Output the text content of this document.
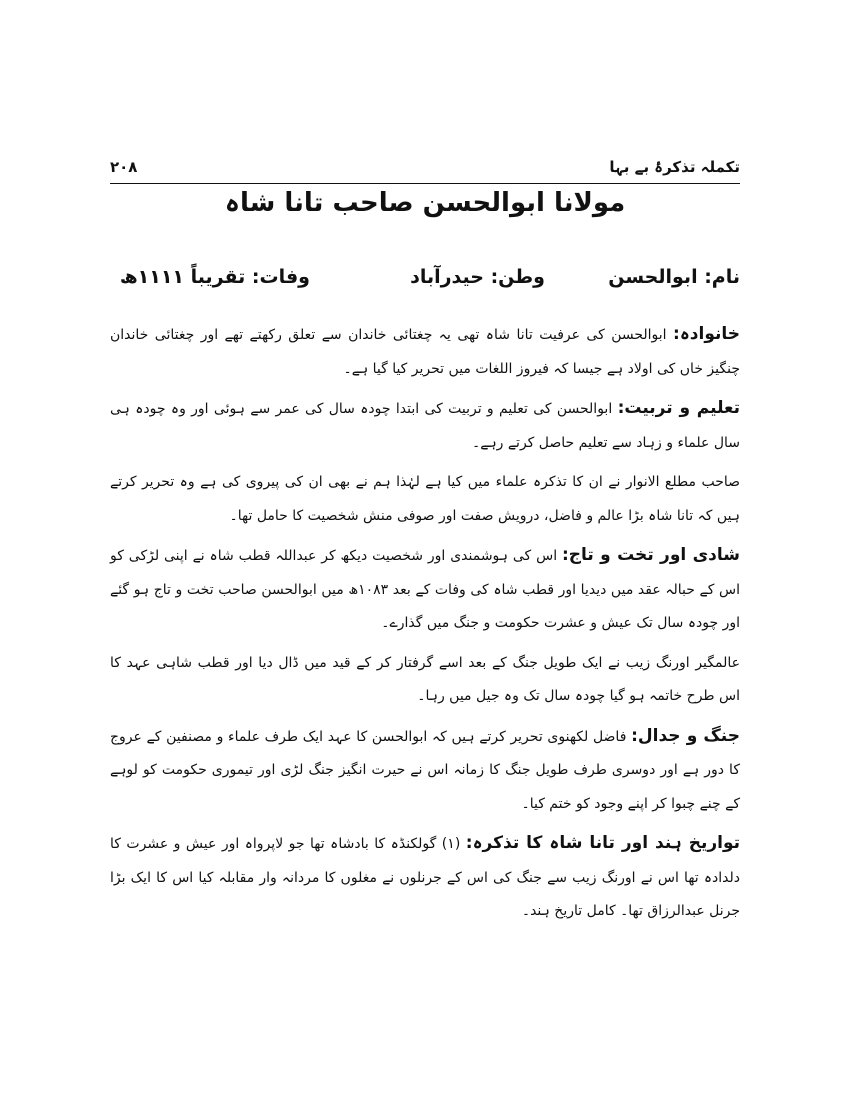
۲۰۸	تکملہ تذکرۂ بے بہا
مولانا ابوالحسن صاحب تانا شاہ
نام: ابوالحسن
وطن: حیدرآباد
وفات: تقریباً ۱۱۱۱ھ

خانوادہ: ابوالحسن کی عرفیت تانا شاہ تھی یہ چغتائی خاندان سے تعلق رکھتے تھے اور چغتائی خاندان چنگیز خاں کی اولاد ہے جیسا کہ فیروز اللغات میں تحریر کیا گیا ہے۔

تعلیم و تربیت: ابوالحسن کی تعلیم و تربیت کی ابتدا چودہ سال کی عمر سے ہوئی اور وہ چودہ ہی سال علماء و زہاد سے تعلیم حاصل کرتے رہے۔

صاحب مطلع الانوار نے ان کا تذکرہ علماء میں کیا ہے لہٰذا ہم نے بھی ان کی پیروی کی ہے وہ تحریر کرتے ہیں کہ تانا شاہ بڑا عالم و فاضل، درویش صفت اور صوفی منش شخصیت کا حامل تھا۔

شادی اور تخت و تاج: اس کی ہوشمندی اور شخصیت دیکھ کر عبداللہ قطب شاہ نے اپنی لڑکی کو اس کے حبالہ عقد میں دیدیا اور قطب شاہ کی وفات کے بعد ۱۰۸۳ھ میں ابوالحسن صاحب تخت و تاج ہو گئے اور چودہ سال تک عیش و عشرت حکومت و جنگ میں گذارے۔

عالمگیر اورنگ زیب نے ایک طویل جنگ کے بعد اسے گرفتار کر کے قید میں ڈال دیا اور قطب شاہی عہد کا اس طرح خاتمہ ہو گیا چودہ سال تک وہ جیل میں رہا۔

جنگ و جدال: فاضل لکھنوی تحریر کرتے ہیں کہ ابوالحسن کا عہد ایک طرف علماء و مصنفین کے عروج کا دور ہے اور دوسری طرف طویل جنگ کا زمانہ اس نے حیرت انگیز جنگ لڑی اور تیموری حکومت کو لوہے کے چنے چبوا کر اپنے وجود کو ختم کیا۔

تواریخ ہند اور تانا شاہ کا تذکرہ: (۱) گولکنڈہ کا بادشاہ تھا جو لاپرواہ اور عیش و عشرت کا دلدادہ تھا اس نے اورنگ زیب سے جنگ کی اس کے جرنلوں نے مغلوں کا مردانہ وار مقابلہ کیا اس کا ایک بڑا جرنل عبدالرزاق تھا۔ کامل تاریخ ہند۔
